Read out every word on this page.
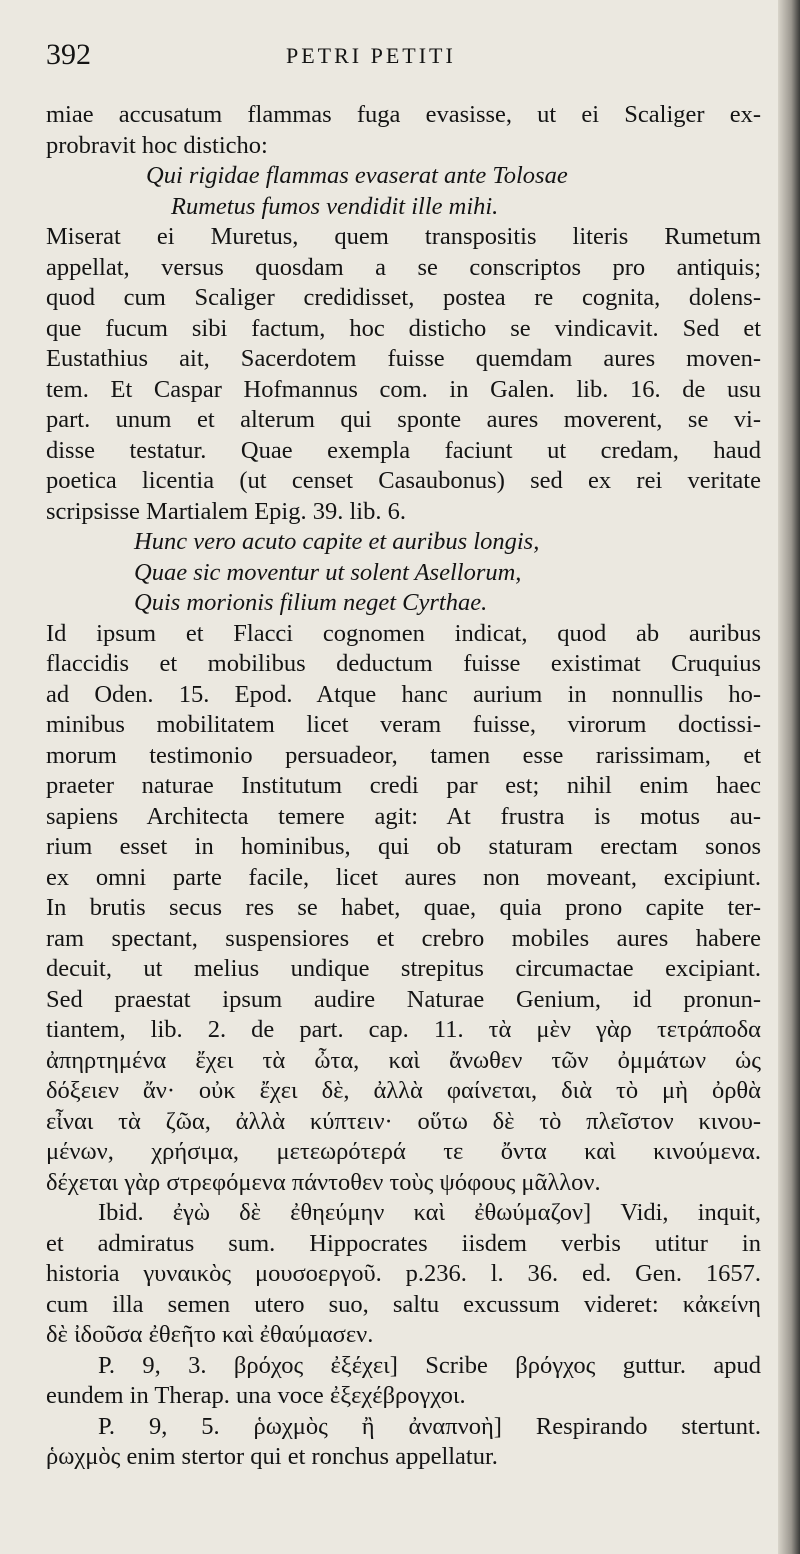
392	PETRI PETITI
miae accusatum flammas fuga evasisse, ut ei Scaliger ex-
probravit hoc disticho:
Qui rigidae flammas evaserat ante Tolosae
Rumetus fumos vendidit ille mihi.
Miserat ei Muretus, quem transpositis literis Rumetum
appellat, versus quosdam a se conscriptos pro antiquis;
quod cum Scaliger credidisset, postea re cognita, dolens-
que fucum sibi factum, hoc disticho se vindicavit. Sed et
Eustathius ait, Sacerdotem fuisse quemdam aures moven-
tem. Et Caspar Hofmannus com. in Galen. lib. 16. de usu
part. unum et alterum qui sponte aures moverent, se vi-
disse testatur. Quae exempla faciunt ut credam, haud
poetica licentia (ut censet Casaubonus) sed ex rei veritate
scripsisse Martialem Epig. 39. lib. 6.
Hunc vero acuto capite et auribus longis,
Quae sic moventur ut solent Asellorum,
Quis morionis filium neget Cyrthae.
Id ipsum et Flacci cognomen indicat, quod ab auribus
flaccidis et mobilibus deductum fuisse existimat Cruquius
ad Oden. 15. Epod. Atque hanc aurium in nonnullis ho-
minibus mobilitatem licet veram fuisse, virorum doctissi-
morum testimonio persuadeor, tamen esse rarissimam, et
praeter naturae Institutum credi par est; nihil enim haec
sapiens Architecta temere agit: At frustra is motus au-
rium esset in hominibus, qui ob staturam erectam sonos
ex omni parte facile, licet aures non moveant, excipiunt.
In brutis secus res se habet, quae, quia prono capite ter-
ram spectant, suspensiores et crebro mobiles aures habere
decuit, ut melius undique strepitus circumactae excipiant.
Sed praestat ipsum audire Naturae Genium, id pronun-
tiantem, lib. 2. de part. cap. 11. τὰ μὲν γὰρ τετράποδα
ἀπηρτημένα ἔχει τὰ ὦτα, καὶ ἄνωθεν τῶν ὀμμάτων ὡς
δόξειεν ἄν· οὐκ ἔχει δὲ, ἀλλὰ φαίνεται, διὰ τὸ μὴ ὀρθὰ
εἶναι τὰ ζῶα, ἀλλὰ κύπτειν· οὕτω δὲ τὸ πλεῖστον κινου-
μένων, χρήσιμα, μετεωρότερά τε ὄντα καὶ κινούμενα.
δέχεται γὰρ στρεφόμενα πάντοθεν τοὺς ψόφους μᾶλλον.
Ibid. ἐγὼ δὲ ἐθηεύμην καὶ ἐθωύμαζον] Vidi, inquit,
et admiratus sum. Hippocrates iisdem verbis utitur in
historia γυναικὸς μουσοεργοῦ. p.236. l. 36. ed. Gen. 1657.
cum illa semen utero suo, saltu excussum videret: κἀκείνη
δὲ ἰδοῦσα ἐθεῆτο καὶ ἐθαύμασεν.
P. 9, 3. βρόχος ἐξέχει] Scribe βρόγχος guttur. apud
eundem in Therap. una voce ἐξεχέβρογχοι.
P. 9, 5. ῥωχμὸς ἢ ἀναπνοὴ] Respirando stertunt.
ῥωχμὸς enim stertor qui et ronchus appellatur.
